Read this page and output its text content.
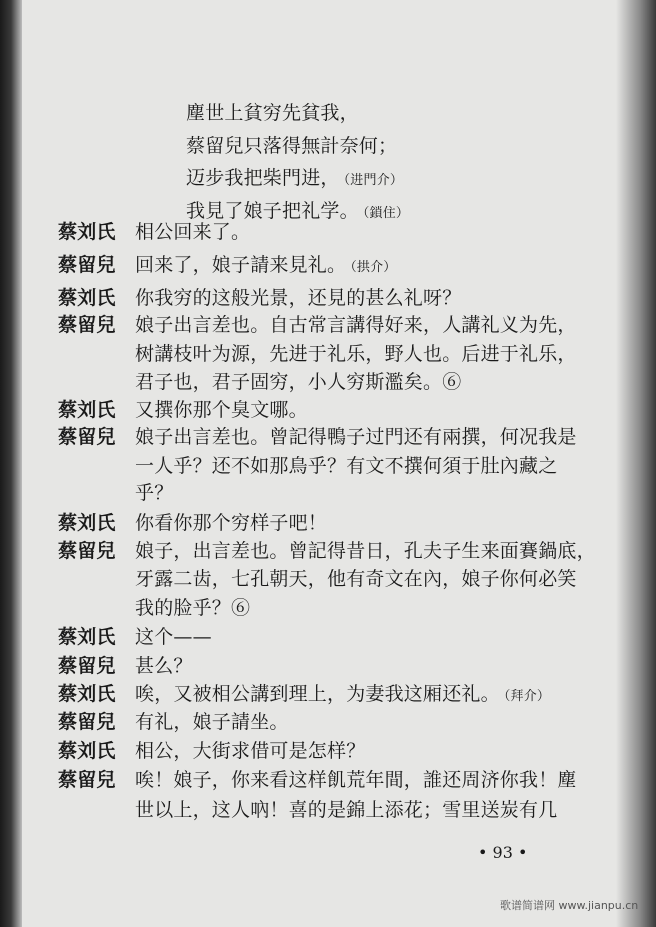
塵世上貧穷先貧我，
蔡留兒只落得無計奈何；
迈步我把柴門进， （进門介）
我見了娘子把礼学。 （鎖住）
蔡刘氏 相公回来了。
蔡留兒 回来了，娘子請来見礼。 （拱介）
蔡刘氏 你我穷的这般光景，还見的甚么礼呀？
蔡留兒 娘子出言差也。自古常言講得好来，人講礼义为先，
树講枝叶为源，先进于礼乐，野人也。后进于礼乐，
君子也，君子固穷，小人穷斯濫矣。⑥
蔡刘氏 又撰你那个臭文哪。
蔡留兒 娘子出言差也。曾記得鴨子过門还有兩撰，何况我是
一人乎？还不如那鳥乎？有文不撰何須于肚內藏之
乎？
蔡刘氏 你看你那个穷样子吧！
蔡留兒 娘子，出言差也。曾記得昔日，孔夫子生来面賽鍋底，
牙露二齿，七孔朝天，他有奇文在內，娘子你何必笑
我的脸乎？⑥
蔡刘氏 这个——
蔡留兒 甚么？
蔡刘氏 唉，又被相公講到理上，为妻我这厢还礼。 （拜介）
蔡留兒 有礼，娘子請坐。
蔡刘氏 相公，大街求借可是怎样？
蔡留兒 唉！娘子，你来看这样飢荒年間，誰还周济你我！塵
世以上，这人吶！喜的是錦上添花；雪里送炭有几
• 93 •
歌谱简谱网 www.jianpu.cn
